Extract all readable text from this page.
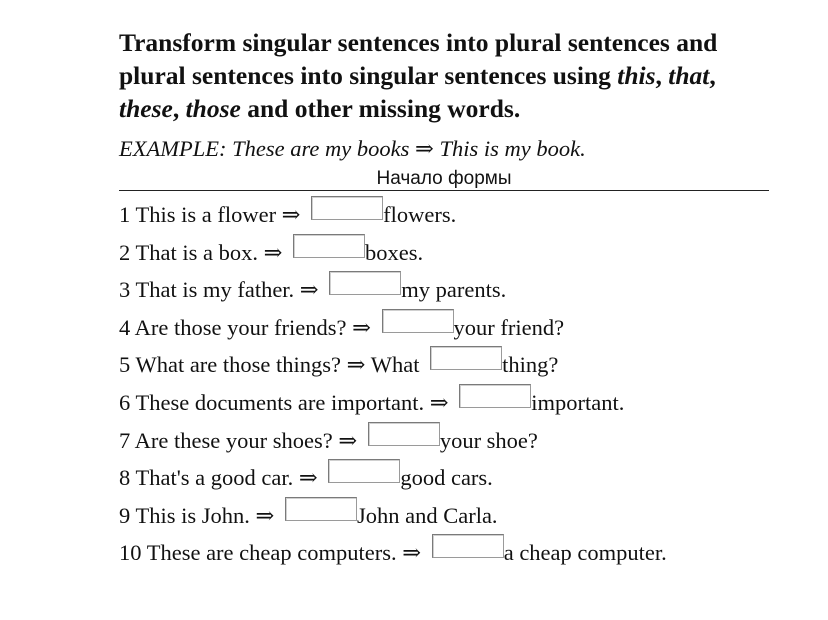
Transform singular sentences into plural sentences and plural sentences into singular sentences using this, that, these, those and other missing words.

EXAMPLE: These are my books ⇒ This is my book.
Начало формы
1 This is a flower ⇒	flowers.
2 That is a box. ⇒	boxes.
3 That is my father. ⇒	my parents.
4 Are those your friends? ⇒	your friend?
5 What are those things? ⇒ What	thing?
6 These documents are important. ⇒	important.
7 Are these your shoes? ⇒	your shoe?
8 That's a good car. ⇒	good cars.
9 This is John. ⇒	John and Carla.
10 These are cheap computers. ⇒	a cheap computer.
